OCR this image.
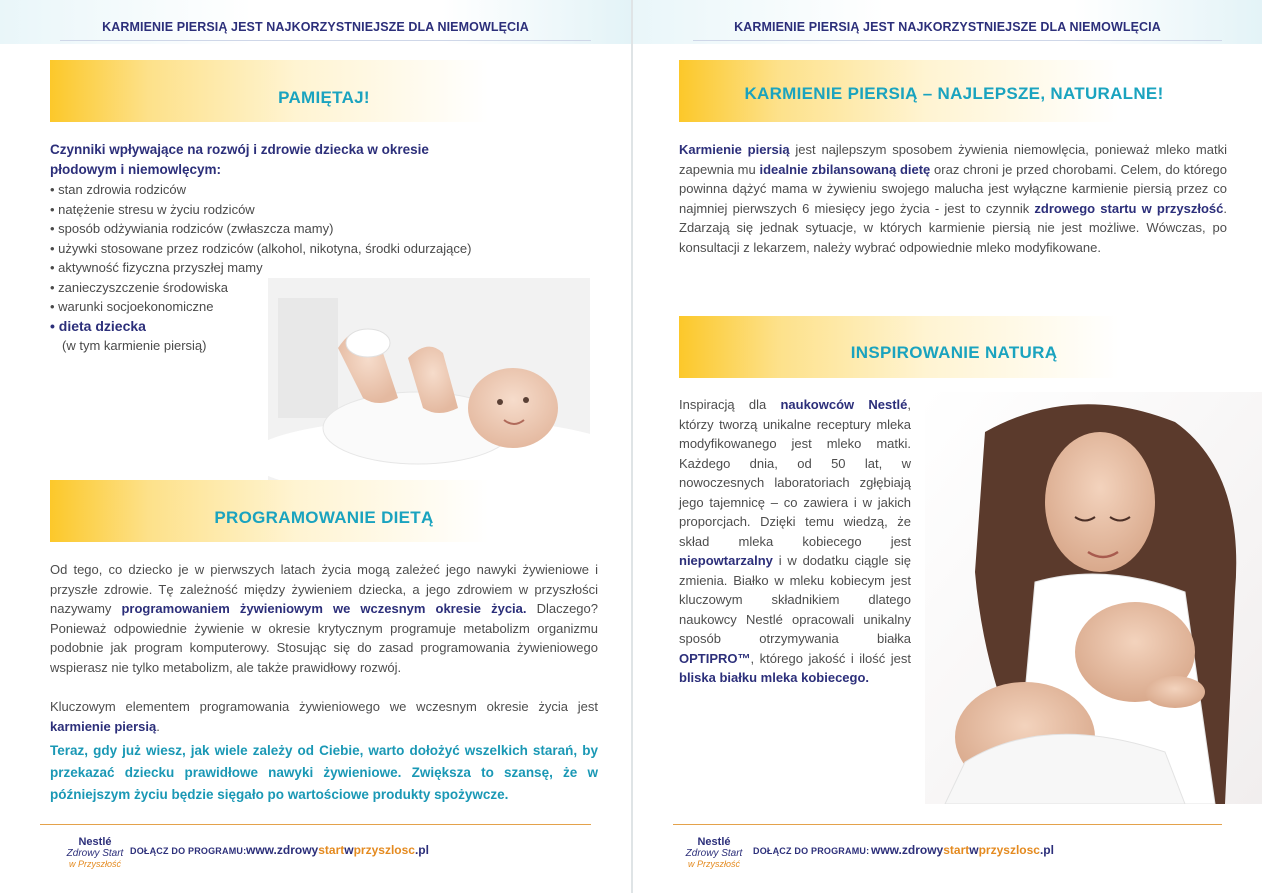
KARMIENIE PIERSIĄ JEST NAJKORZYSTNIEJSZE DLA NIEMOWLĘCIA
PAMIĘTAJ!
Czynniki wpływające na rozwój i zdrowie dziecka w okresie płodowym i niemowlęcym:
• stan zdrowia rodziców
• natężenie stresu w życiu rodziców
• sposób odżywiania rodziców (zwłaszcza mamy)
• używki stosowane przez rodziców (alkohol, nikotyna, środki odurzające)
• aktywność fizyczna przyszłej mamy
• zanieczyszczenie środowiska
• warunki socjoekonomiczne
• dieta dziecka
(w tym karmienie piersią)
PROGRAMOWANIE DIETĄ
Od tego, co dziecko je w pierwszych latach życia mogą zależeć jego nawyki żywieniowe i przyszłe zdrowie. Tę zależność między żywieniem dziecka, a jego zdrowiem w przyszłości nazywamy programowaniem żywieniowym we wczesnym okresie życia. Dlaczego? Ponieważ odpowiednie żywienie w okresie krytycznym programuje metabolizm organizmu podobnie jak program komputerowy. Stosując się do zasad programowania żywieniowego wspierasz nie tylko metabolizm, ale także prawidłowy rozwój.
Kluczowym elementem programowania żywieniowego we wczesnym okresie życia jest karmienie piersią.
Teraz, gdy już wiesz, jak wiele zależy od Ciebie, warto dołożyć wszelkich starań, by przekazać dziecku prawidłowe nawyki żywieniowe. Zwiększa to szansę, że w późniejszym życiu będzie sięgało po wartościowe produkty spożywcze.
Nestlé
Zdrowy Start
w Przyszłość
DOŁĄCZ DO PROGRAMU: www.zdrowystartwprzyszlosc.pl
KARMIENIE PIERSIĄ JEST NAJKORZYSTNIEJSZE DLA NIEMOWLĘCIA
KARMIENIE PIERSIĄ – NAJLEPSZE, NATURALNE!
Karmienie piersią jest najlepszym sposobem żywienia niemowlęcia, ponieważ mleko matki zapewnia mu idealnie zbilansowaną dietę oraz chroni je przed chorobami. Celem, do którego powinna dążyć mama w żywieniu swojego malucha jest wyłączne karmienie piersią przez co najmniej pierwszych 6 miesięcy jego życia - jest to czynnik zdrowego startu w przyszłość. Zdarzają się jednak sytuacje, w których karmienie piersią nie jest możliwe. Wówczas, po konsultacji z lekarzem, należy wybrać odpowiednie mleko modyfikowane.
INSPIROWANIE NATURĄ
Inspiracją dla naukowców Nestlé, którzy tworzą unikalne receptury mleka modyfikowanego jest mleko matki. Każdego dnia, od 50 lat, w nowoczesnych laboratoriach zgłębiają jego tajemnicę – co zawiera i w jakich proporcjach. Dzięki temu wiedzą, że skład mleka kobiecego jest niepowtarzalny i w dodatku ciągle się zmienia. Białko w mleku kobiecym jest kluczowym składnikiem dlatego naukowcy Nestlé opracowali unikalny sposób otrzymywania białka OPTIPRO™, którego jakość i ilość jest bliska białku mleka kobiecego.
Nestlé
Zdrowy Start
w Przyszłość
DOŁĄCZ DO PROGRAMU: www.zdrowystartwprzyszlosc.pl
